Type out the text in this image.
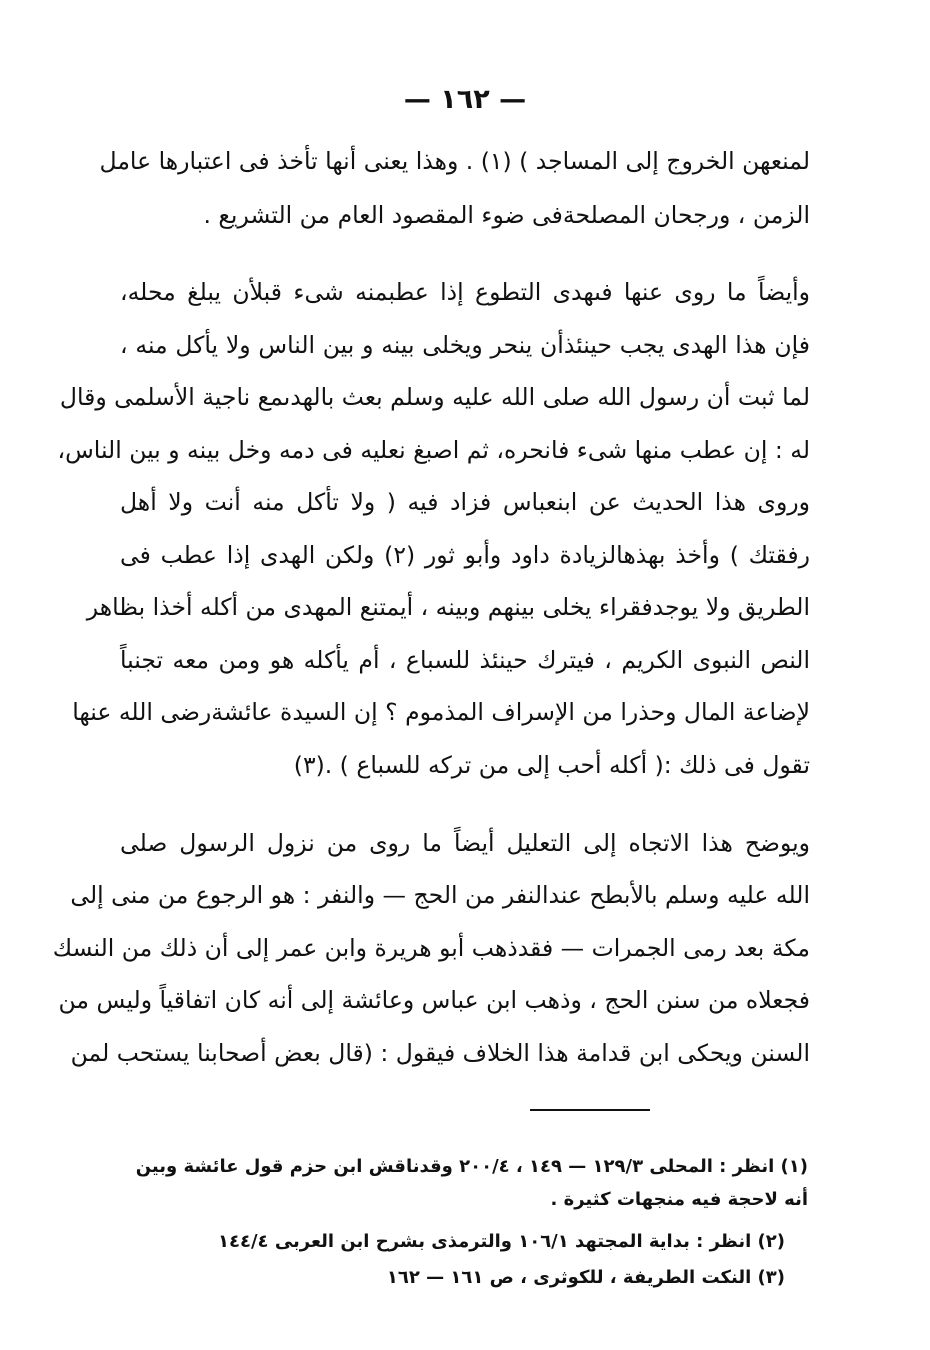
— ١٦٢ —
لمنعهن الخروج إلى المساجد ) (١) . وهذا يعنى أنها تأخذ فى اعتبارها عامل
الزمن ، ورجحان المصلحةفى ضوء المقصود العام من التشريع .
وأيضاً ما روى عنها فىهدى التطوع إذا عطبمنه شىء قبلأن يبلغ محله،
فإن هذا الهدى يجب حينئذأن ينحر ويخلى بينه و بين الناس ولا يأكل منه ،
لما ثبت أن رسول الله صلى الله عليه وسلم بعث بالهدىمع ناجية الأسلمى وقال
له : إن عطب منها شىء فانحره، ثم اصبغ نعليه فى دمه وخل بينه و بين الناس،
وروى هذا الحديث عن ابنعباس فزاد فيه ( ولا تأكل منه أنت ولا أهل
رفقتك ) وأخذ بهذهالزيادة داود وأبو ثور (٢) ولكن الهدى إذا عطب فى
الطريق ولا يوجدفقراء يخلى بينهم وبينه ، أيمتنع المهدى من أكله أخذا بظاهر
النص النبوى الكريم ، فيترك حينئذ للسباع ، أم يأكله هو ومن معه تجنباً
لإضاعة المال وحذرا من الإسراف المذموم ؟ إن السيدة عائشةرضى الله عنها
تقول فى ذلك :( أكله أحب إلى من تركه للسباع ) .(٣)
ويوضح هذا الاتجاه إلى التعليل أيضاً ما روى من نزول الرسول صلى
الله عليه وسلم بالأبطح عندالنفر من الحج — والنفر : هو الرجوع من منى إلى
مكة بعد رمى الجمرات — فقدذهب أبو هريرة وابن عمر إلى أن ذلك من النسك
فجعلاه من سنن الحج ، وذهب ابن عباس وعائشة إلى أنه كان اتفاقياً وليس من
السنن ويحكى ابن قدامة هذا الخلاف فيقول : (قال بعض أصحابنا يستحب لمن
(١) انظر : المحلى ١٢٩/٣ — ١٤٩ ، ٢٠٠/٤ وقدناقش ابن حزم قول عائشة وبين
أنه لاحجة فيه منجهات كثيرة .
(٢) انظر : بداية المجتهد ١٠٦/١ والترمذى بشرح ابن العربى ١٤٤/٤
(٣) النكت الطريفة ، للكوثرى ، ص ١٦١ — ١٦٢
